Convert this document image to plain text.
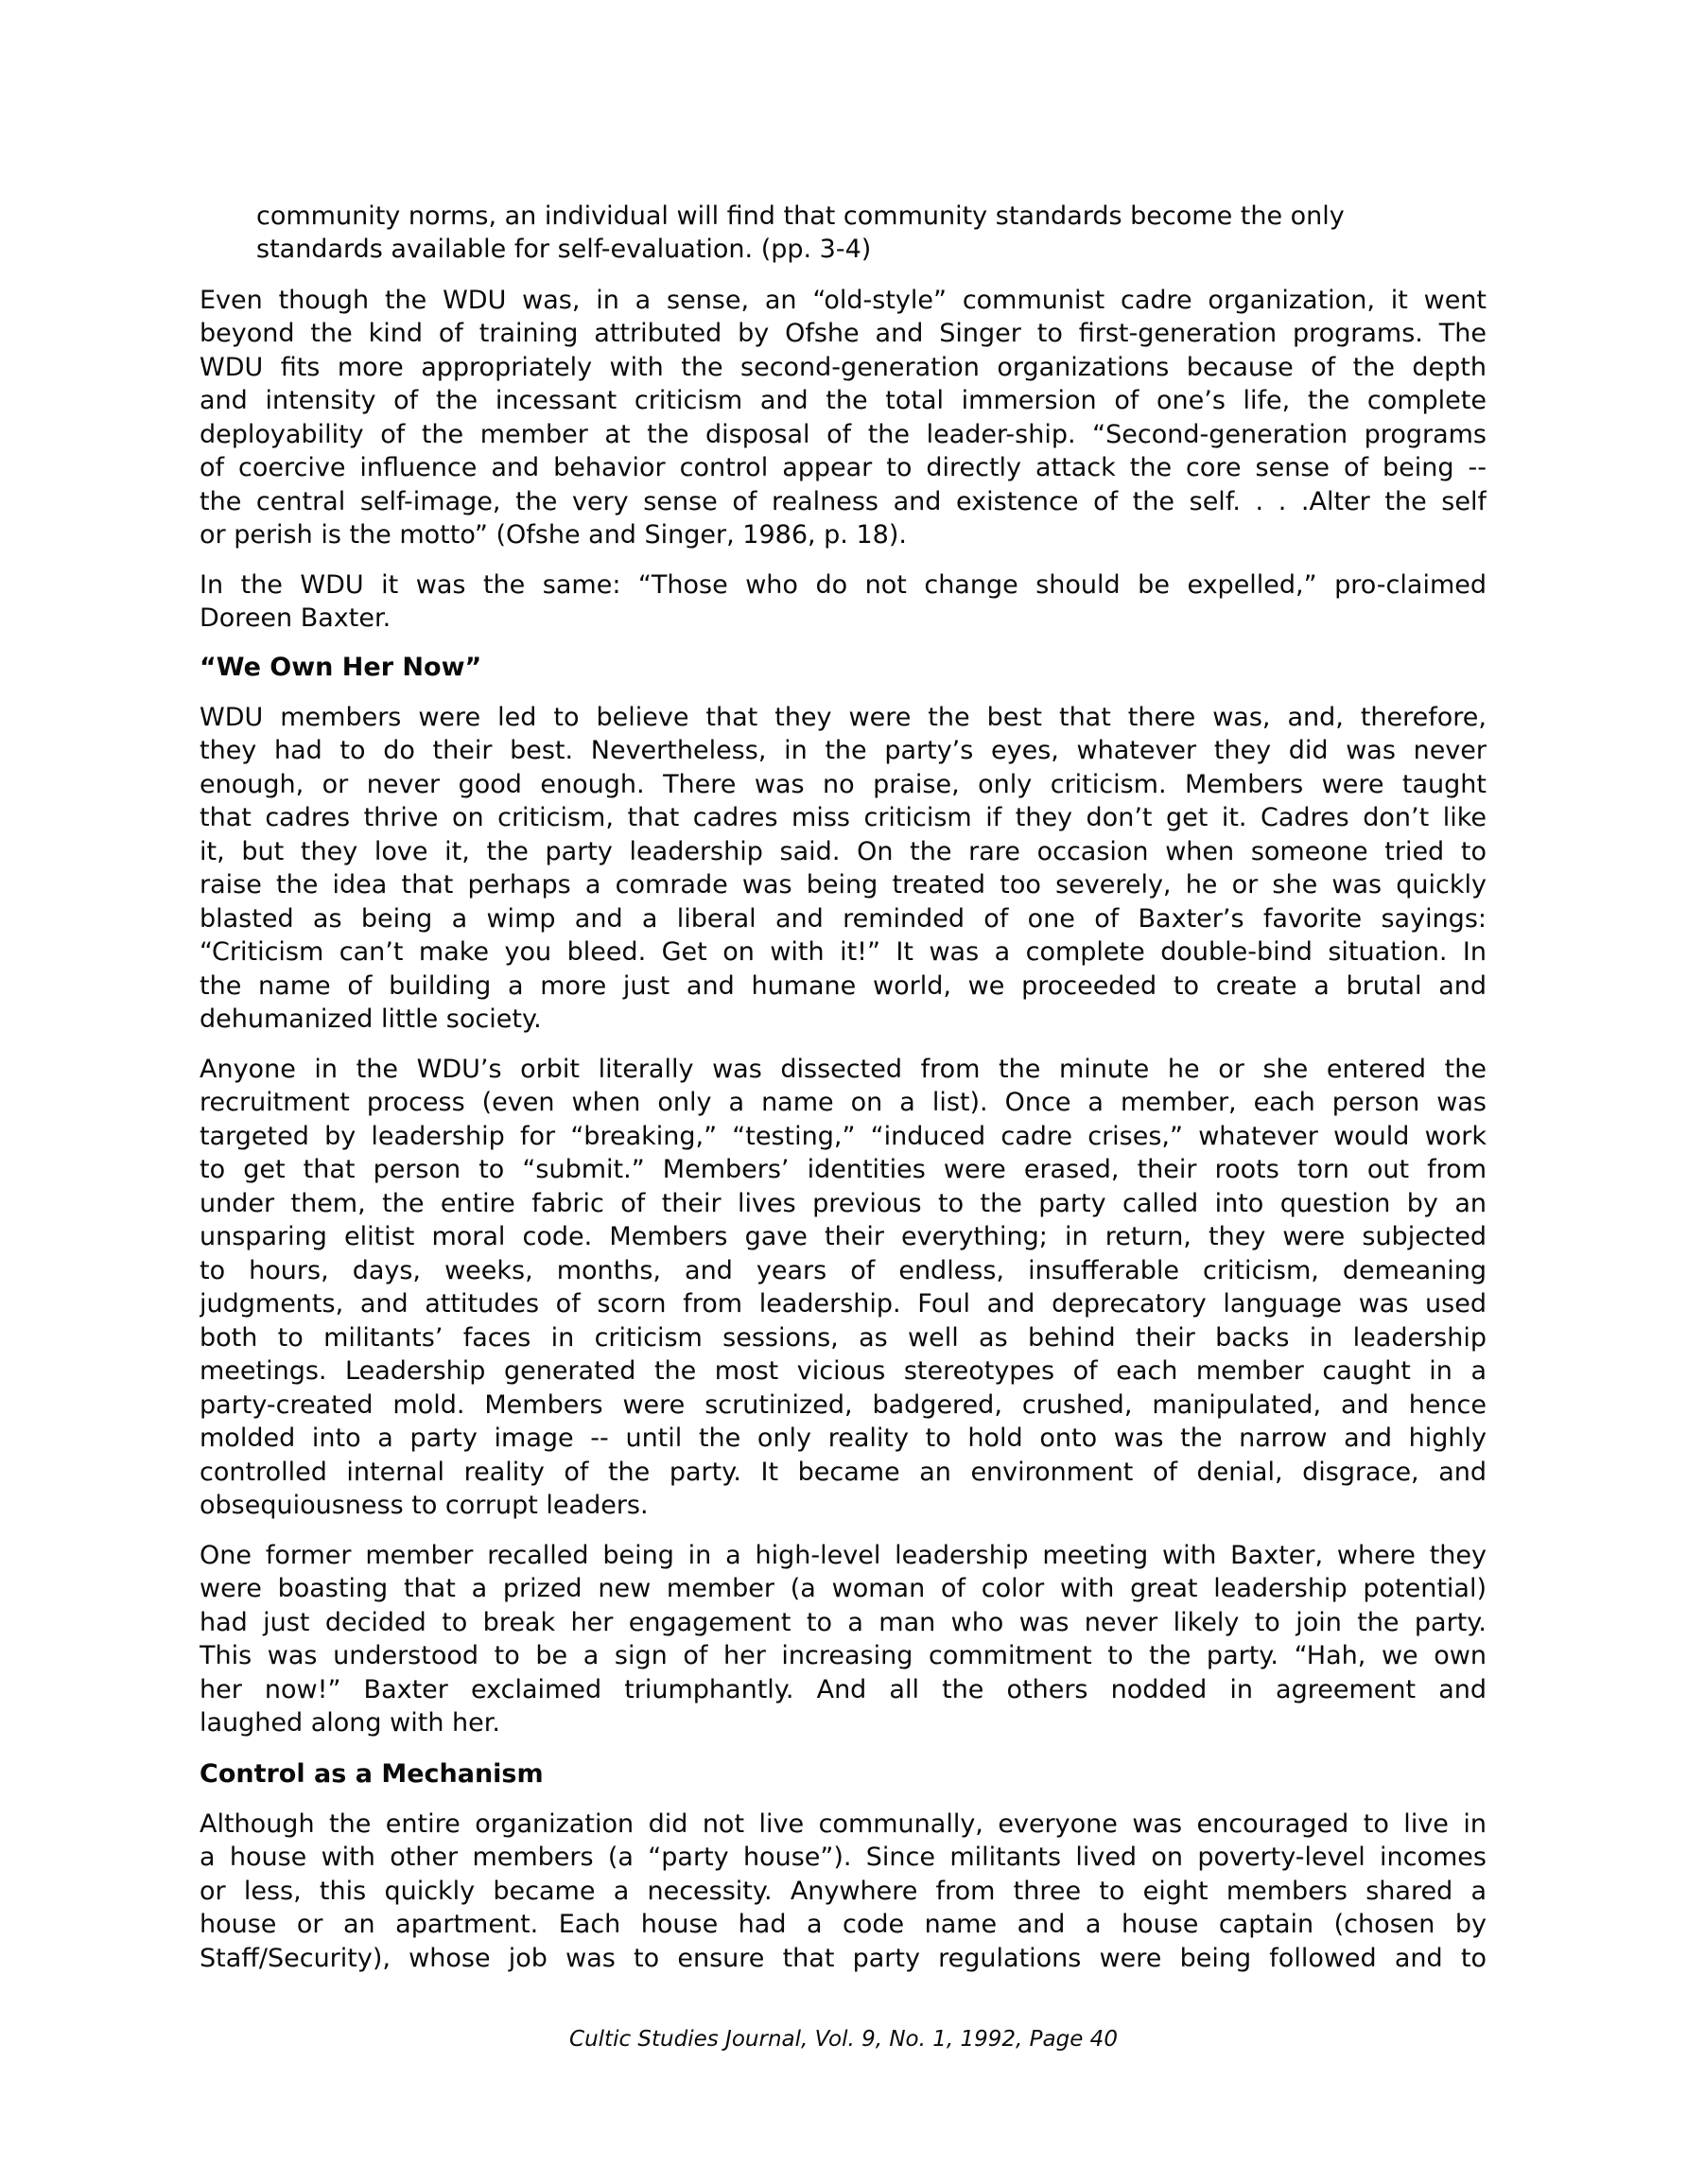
community norms, an individual will find that community standards become the only
standards available for self-evaluation. (pp. 3-4)
Even though the WDU was, in a sense, an “old-style” communist cadre organization, it went
beyond the kind of training attributed by Ofshe and Singer to first-generation programs. The
WDU fits more appropriately with the second-generation organizations because of the depth
and intensity of the incessant criticism and the total immersion of one’s life, the complete
deployability of the member at the disposal of the leader-ship. “Second-generation programs
of coercive influence and behavior control appear to directly attack the core sense of being --
the central self-image, the very sense of realness and existence of the self. . . .Alter the self
or perish is the motto” (Ofshe and Singer, 1986, p. 18).
In the WDU it was the same: “Those who do not change should be expelled,” pro-claimed
Doreen Baxter.
“We Own Her Now”
WDU members were led to believe that they were the best that there was, and, therefore,
they had to do their best. Nevertheless, in the party’s eyes, whatever they did was never
enough, or never good enough. There was no praise, only criticism. Members were taught
that cadres thrive on criticism, that cadres miss criticism if they don’t get it. Cadres don’t like
it, but they love it, the party leadership said. On the rare occasion when someone tried to
raise the idea that perhaps a comrade was being treated too severely, he or she was quickly
blasted as being a wimp and a liberal and reminded of one of Baxter’s favorite sayings:
“Criticism can’t make you bleed. Get on with it!” It was a complete double-bind situation. In
the name of building a more just and humane world, we proceeded to create a brutal and
dehumanized little society.
Anyone in the WDU’s orbit literally was dissected from the minute he or she entered the
recruitment process (even when only a name on a list). Once a member, each person was
targeted by leadership for “breaking,” “testing,” “induced cadre crises,” whatever would work
to get that person to “submit.” Members’ identities were erased, their roots torn out from
under them, the entire fabric of their lives previous to the party called into question by an
unsparing elitist moral code. Members gave their everything; in return, they were subjected
to hours, days, weeks, months, and years of endless, insufferable criticism, demeaning
judgments, and attitudes of scorn from leadership. Foul and deprecatory language was used
both to militants’ faces in criticism sessions, as well as behind their backs in leadership
meetings. Leadership generated the most vicious stereotypes of each member caught in a
party-created mold. Members were scrutinized, badgered, crushed, manipulated, and hence
molded into a party image -- until the only reality to hold onto was the narrow and highly
controlled internal reality of the party. It became an environment of denial, disgrace, and
obsequiousness to corrupt leaders.
One former member recalled being in a high-level leadership meeting with Baxter, where they
were boasting that a prized new member (a woman of color with great leadership potential)
had just decided to break her engagement to a man who was never likely to join the party.
This was understood to be a sign of her increasing commitment to the party. “Hah, we own
her now!” Baxter exclaimed triumphantly. And all the others nodded in agreement and
laughed along with her.
Control as a Mechanism
Although the entire organization did not live communally, everyone was encouraged to live in
a house with other members (a “party house”). Since militants lived on poverty-level incomes
or less, this quickly became a necessity. Anywhere from three to eight members shared a
house or an apartment. Each house had a code name and a house captain (chosen by
Staff/Security), whose job was to ensure that party regulations were being followed and to
Cultic Studies Journal, Vol. 9, No. 1, 1992, Page 40
